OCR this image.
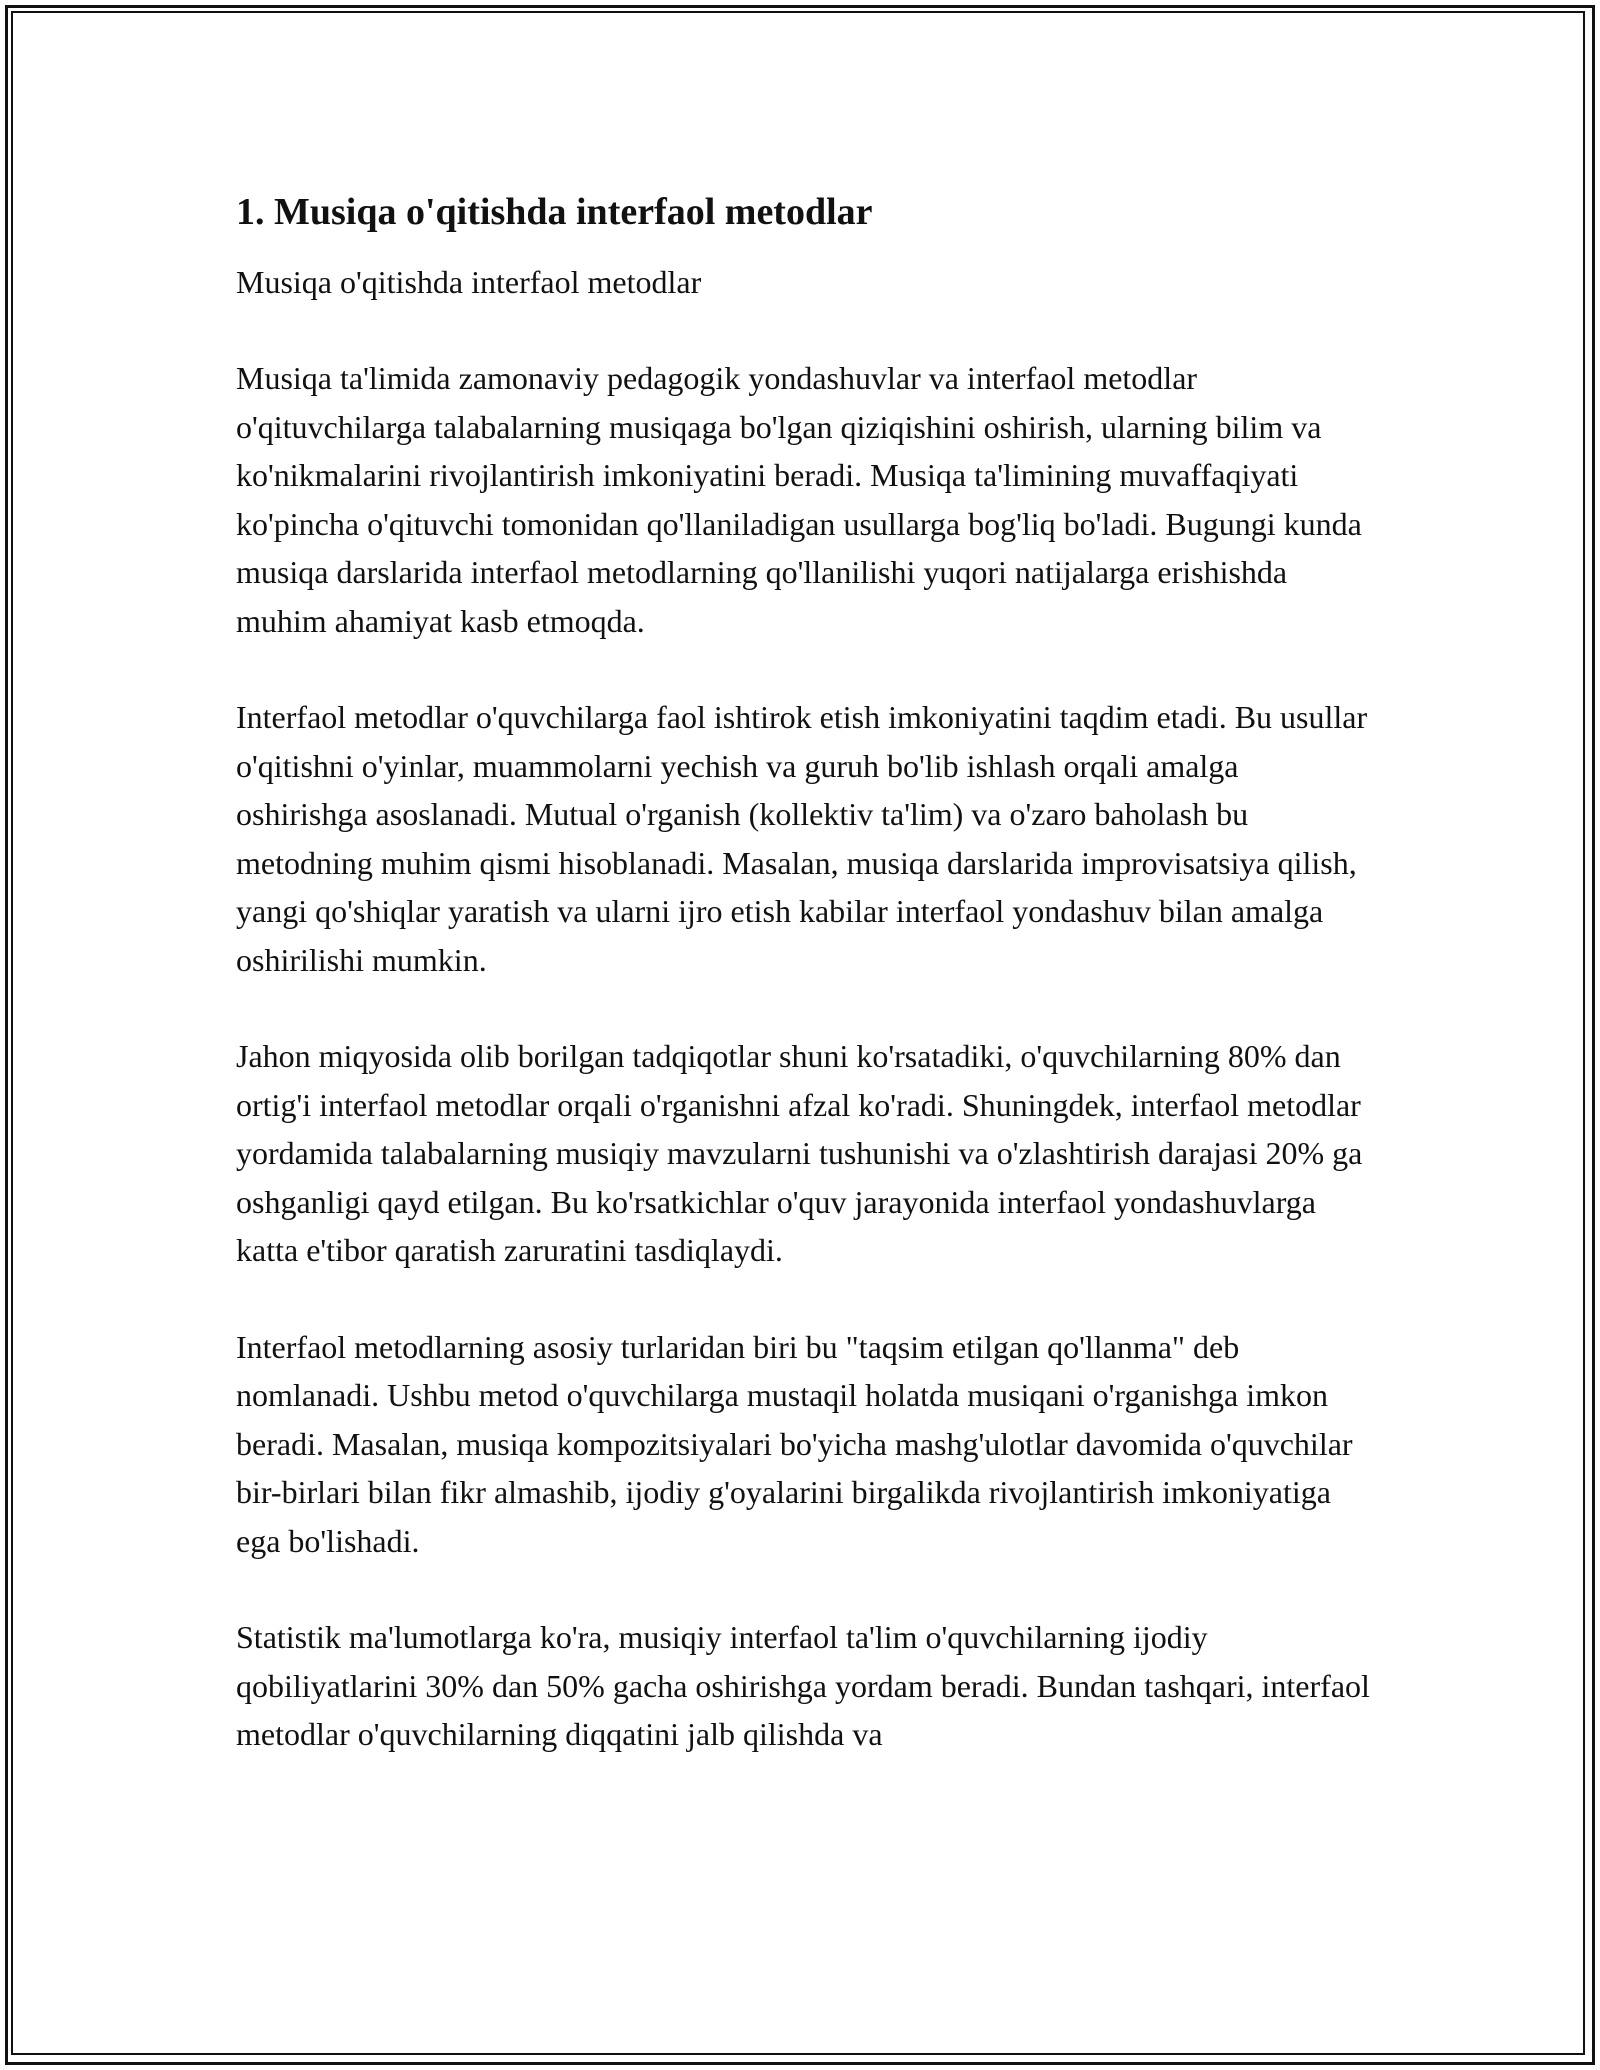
1. Musiqa o'qitishda interfaol metodlar

Musiqa o'qitishda interfaol metodlar

Musiqa ta'limida zamonaviy pedagogik yondashuvlar va interfaol metodlar o'qituvchilarga talabalarning musiqaga bo'lgan qiziqishini oshirish, ularning bilim va ko'nikmalarini rivojlantirish imkoniyatini beradi. Musiqa ta'limining muvaffaqiyati ko'pincha o'qituvchi tomonidan qo'llaniladigan usullarga bog'liq bo'ladi. Bugungi kunda musiqa darslarida interfaol metodlarning qo'llanilishi yuqori natijalarga erishishda muhim ahamiyat kasb etmoqda.

Interfaol metodlar o'quvchilarga faol ishtirok etish imkoniyatini taqdim etadi. Bu usullar o'qitishni o'yinlar, muammolarni yechish va guruh bo'lib ishlash orqali amalga oshirishga asoslanadi. Mutual o'rganish (kollektiv ta'lim) va o'zaro baholash bu metodning muhim qismi hisoblanadi. Masalan, musiqa darslarida improvisatsiya qilish, yangi qo'shiqlar yaratish va ularni ijro etish kabilar interfaol yondashuv bilan amalga oshirilishi mumkin.

Jahon miqyosida olib borilgan tadqiqotlar shuni ko'rsatadiki, o'quvchilarning 80% dan ortig'i interfaol metodlar orqali o'rganishni afzal ko'radi. Shuningdek, interfaol metodlar yordamida talabalarning musiqiy mavzularni tushunishi va o'zlashtirish darajasi 20% ga oshganligi qayd etilgan. Bu ko'rsatkichlar o'quv jarayonida interfaol yondashuvlarga katta e'tibor qaratish zaruratini tasdiqlaydi.

Interfaol metodlarning asosiy turlaridan biri bu "taqsim etilgan qo'llanma" deb nomlanadi. Ushbu metod o'quvchilarga mustaqil holatda musiqani o'rganishga imkon beradi. Masalan, musiqa kompozitsiyalari bo'yicha mashg'ulotlar davomida o'quvchilar bir-birlari bilan fikr almashib, ijodiy g'oyalarini birgalikda rivojlantirish imkoniyatiga ega bo'lishadi.

Statistik ma'lumotlarga ko'ra, musiqiy interfaol ta'lim o'quvchilarning ijodiy qobiliyatlarini 30% dan 50% gacha oshirishga yordam beradi. Bundan tashqari, interfaol metodlar o'quvchilarning diqqatini jalb qilishda va
